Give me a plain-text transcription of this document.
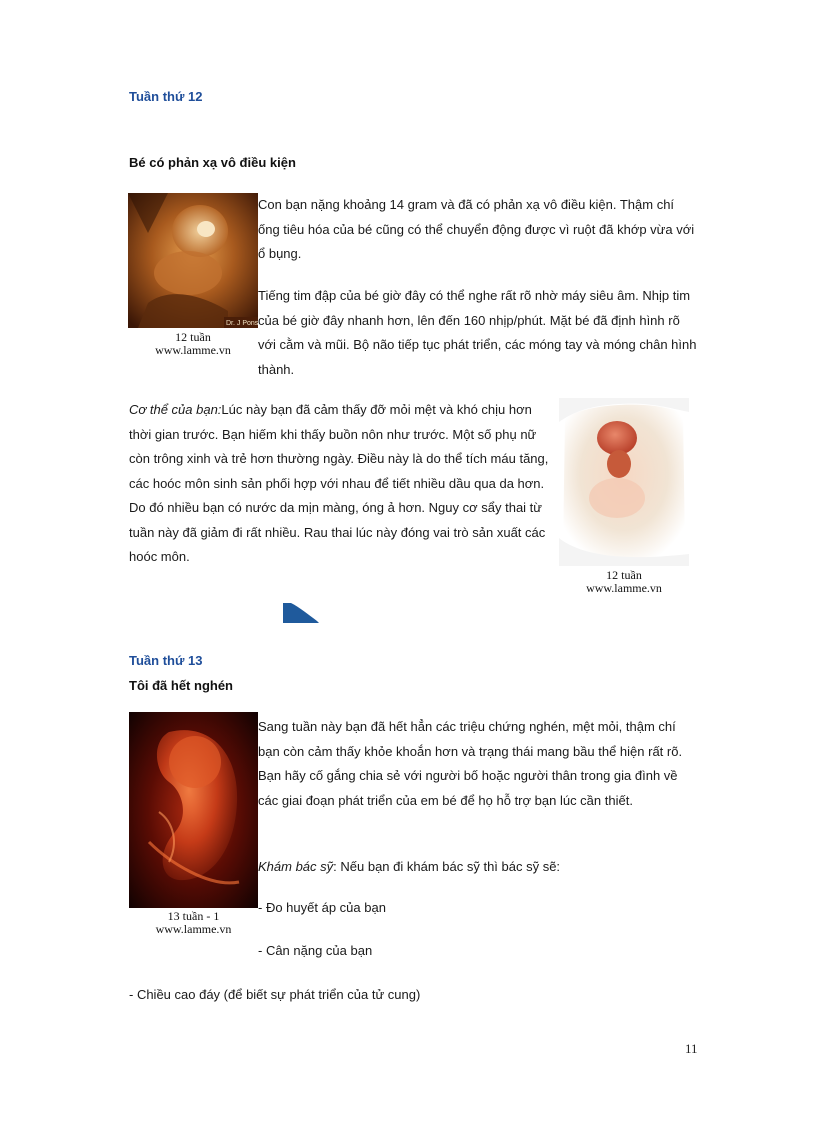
Tuần thứ 12
Bé có phản xạ vô điều kiện
Dr. J Pons
12 tuần
www.lamme.vn

Con bạn nặng khoảng 14 gram và đã có phản xạ vô điều kiện. Thậm chí ống tiêu hóa của bé cũng có thể chuyển động được vì ruột đã khớp vừa với ổ bụng.

Tiếng tim đập của bé giờ đây có thể nghe rất rõ nhờ máy siêu âm. Nhịp tim của bé giờ đây nhanh hơn, lên đến 160 nhịp/phút. Mặt bé đã định hình rõ với cằm và mũi. Bộ não tiếp tục phát triển, các móng tay và móng chân hình thành.

Cơ thể của bạn:Lúc này bạn đã cảm thấy đỡ mỏi mệt và khó chịu hơn thời gian trước. Bạn hiếm khi thấy buồn nôn như trước. Một số phụ nữ còn trông xinh và trẻ hơn thường ngày. Điều này là do thể tích máu tăng, các hoóc môn sinh sản phối hợp với nhau để tiết nhiều dầu qua da hơn. Do đó nhiều bạn có nước da mịn màng, óng ả hơn. Nguy cơ sẩy thai từ tuần này đã giảm đi rất nhiều. Rau thai lúc này đóng vai trò sản xuất các hoóc môn.

12 tuần
www.lamme.vn
Tuần thứ 13
Tôi đã hết nghén
13 tuần - 1
www.lamme.vn

Sang tuần này bạn đã hết hẳn các triệu chứng nghén, mệt mỏi, thậm chí bạn còn cảm thấy khỏe khoắn hơn và trạng thái mang bầu thể hiện rất rõ. Bạn hãy cố gắng chia sẻ với người bố hoặc người thân trong gia đình về các giai đoạn phát triển của em bé để họ hỗ trợ bạn lúc cần thiết.

Khám bác sỹ: Nếu bạn đi khám bác sỹ thì bác sỹ sẽ:

- Đo huyết áp của bạn
- Cân nặng của bạn
- Chiều cao đáy (để biết sự phát triển của tử cung)
11
